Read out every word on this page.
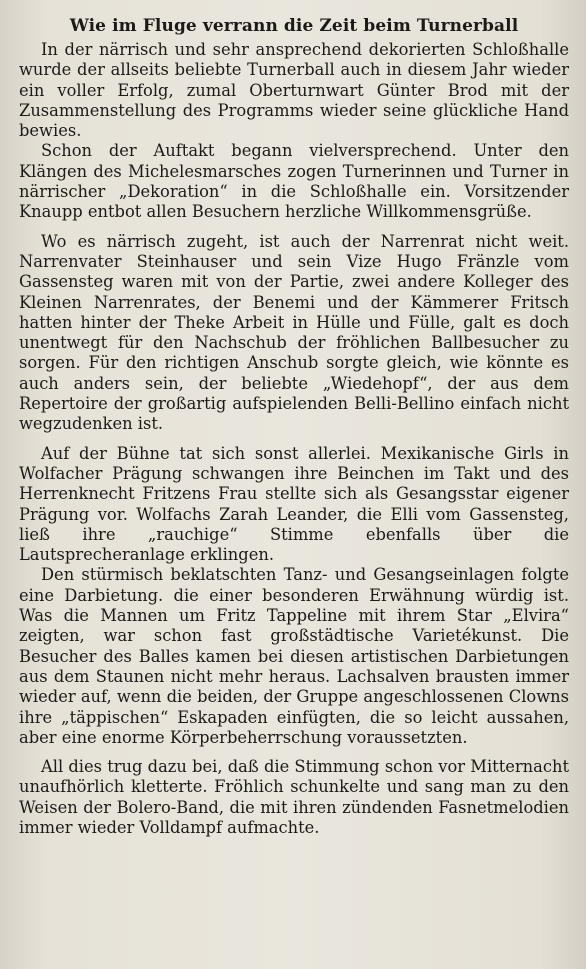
Wie im Fluge verrann die Zeit beim Turnerball

In der närrisch und sehr ansprechend dekorierten Schloßhalle wurde der allseits beliebte Turnerball auch in diesem Jahr wieder ein voller Erfolg, zumal Oberturnwart Günter Brod mit der Zusammenstellung des Programms wieder seine glückliche Hand bewies.

Schon der Auftakt begann vielversprechend. Unter den Klängen des Michelesmarsches zogen Turnerinnen und Turner in närrischer „Dekoration“ in die Schloßhalle ein. Vorsitzender Knaupp entbot allen Besuchern herzliche Willkommensgrüße.

Wo es närrisch zugeht, ist auch der Narrenrat nicht weit. Narrenvater Steinhauser und sein Vize Hugo Fränzle vom Gassensteg waren mit von der Partie, zwei andere Kolleger des Kleinen Narrenrates, der Benemi und der Kämmerer Fritsch hatten hinter der Theke Arbeit in Hülle und Fülle, galt es doch unentwegt für den Nachschub der fröhlichen Ballbesucher zu sorgen. Für den richtigen Anschub sorgte gleich, wie könnte es auch anders sein, der beliebte „Wiedehopf“, der aus dem Repertoire der großartig aufspielenden Belli-Bellino einfach nicht wegzudenken ist.

Auf der Bühne tat sich sonst allerlei. Mexikanische Girls in Wolfacher Prägung schwangen ihre Beinchen im Takt und des Herrenknecht Fritzens Frau stellte sich als Gesangsstar eigener Prägung vor. Wolfachs Zarah Leander, die Elli vom Gassensteg, ließ ihre „rauchige“ Stimme ebenfalls über die Lautsprecheranlage erklingen.

Den stürmisch beklatschten Tanz- und Gesangseinlagen folgte eine Darbietung. die einer besonderen Erwähnung würdig ist. Was die Mannen um Fritz Tappeline mit ihrem Star „Elvira“ zeigten, war schon fast großstädtische Varietékunst. Die Besucher des Balles kamen bei diesen artistischen Darbietungen aus dem Staunen nicht mehr heraus. Lachsalven brausten immer wieder auf, wenn die beiden, der Gruppe angeschlossenen Clowns ihre „täppischen“ Eskapaden einfügten, die so leicht aussahen, aber eine enorme Körperbeherrschung voraussetzten.

All dies trug dazu bei, daß die Stimmung schon vor Mitternacht unaufhörlich kletterte. Fröhlich schunkelte und sang man zu den Weisen der Bolero-Band, die mit ihren zündenden Fasnetmelodien immer wieder Volldampf aufmachte.
